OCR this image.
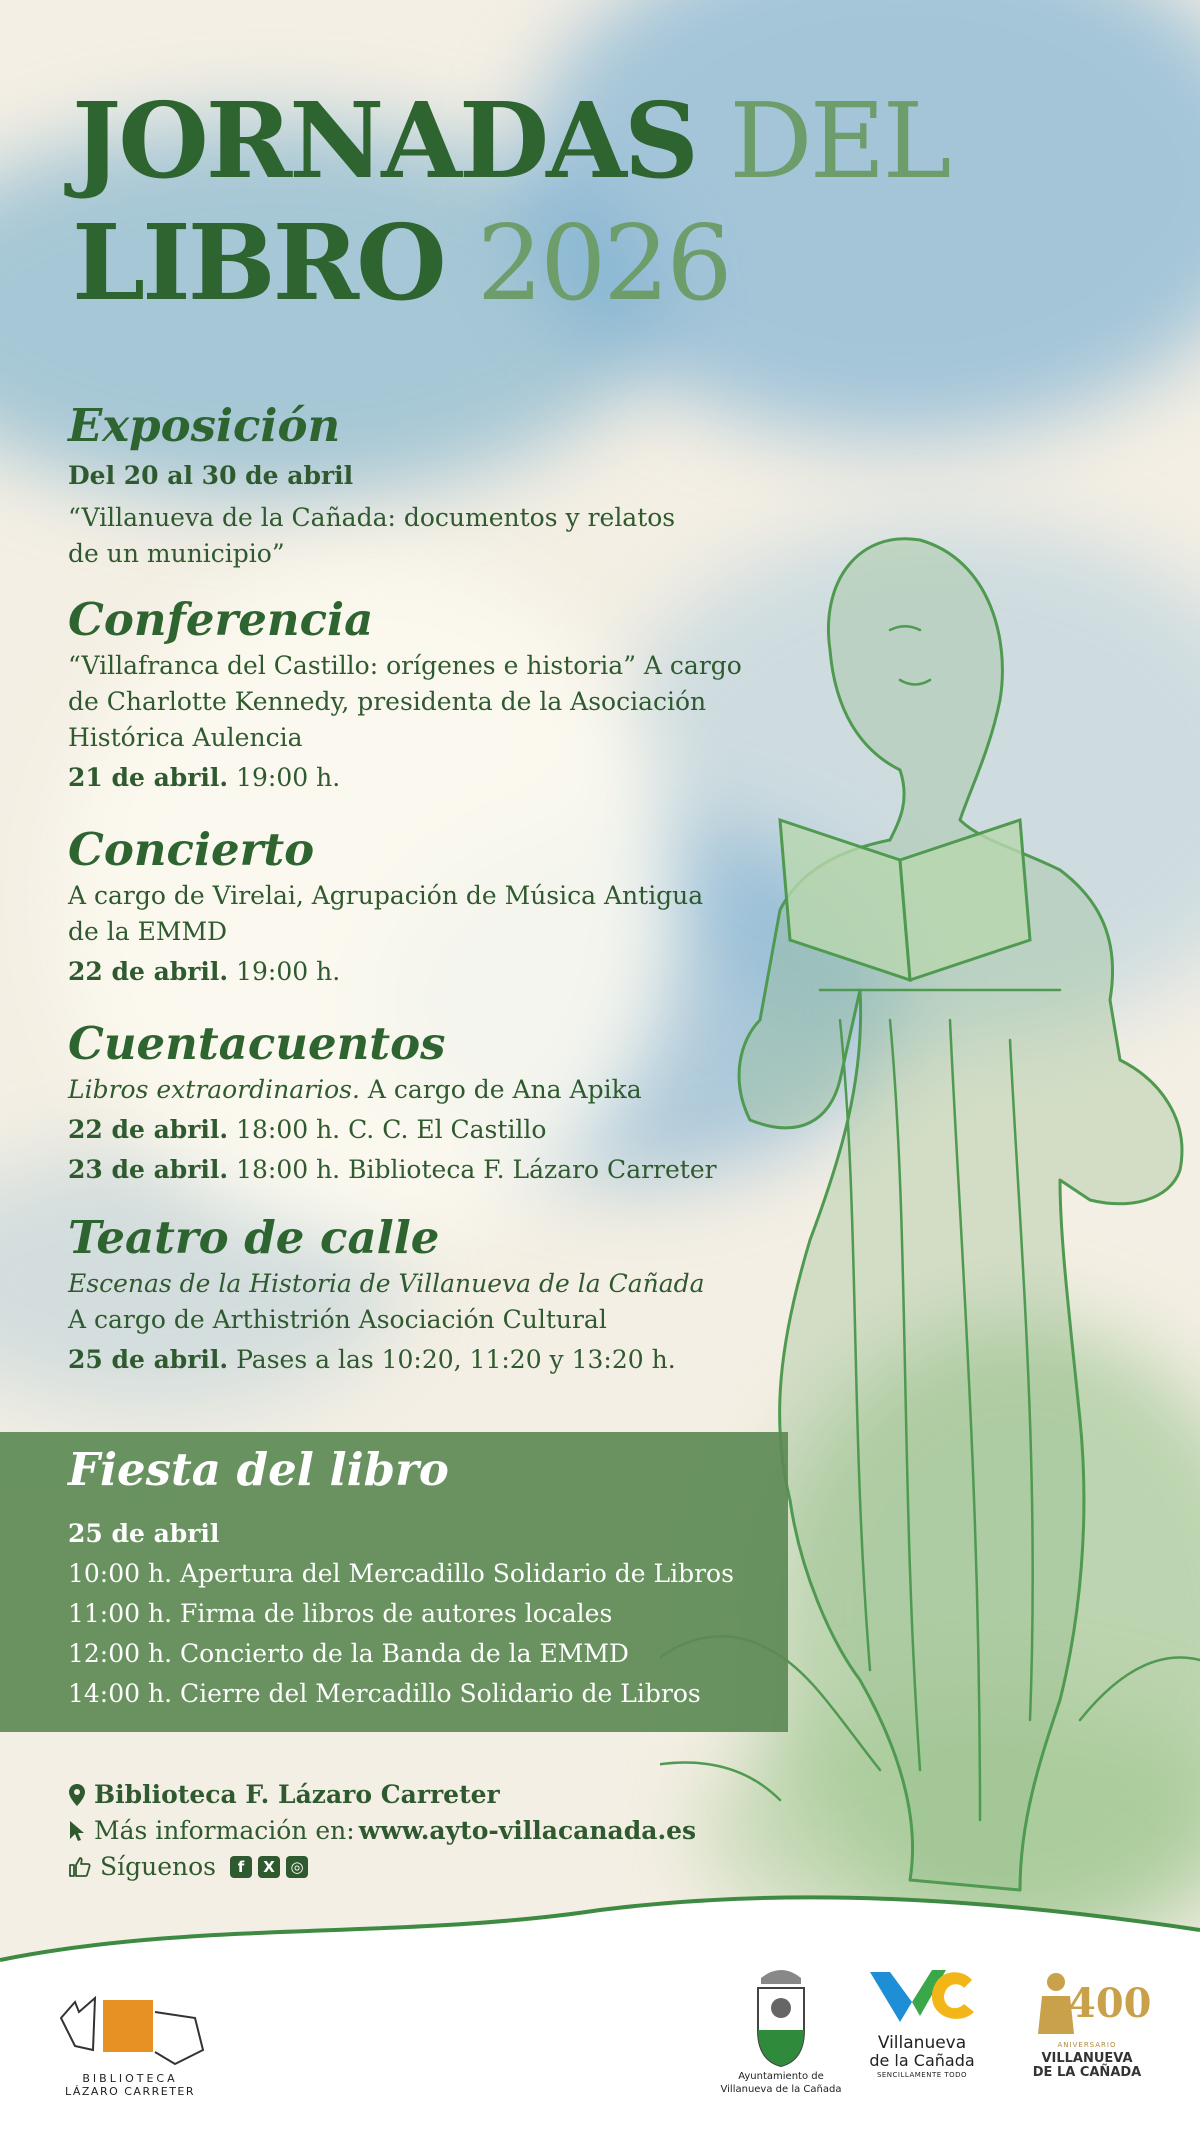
JORNADAS DEL
LIBRO 2026

Exposición

Del 20 al 30 de abril

“Villanueva de la Cañada: documentos y relatos

de un municipio”

Conferencia

“Villafranca del Castillo: orígenes e historia” A cargo

de Charlotte Kennedy, presidenta de la Asociación

Histórica Aulencia

21 de abril. 19:00 h.

Concierto

A cargo de Virelai, Agrupación de Música Antigua

de la EMMD

22 de abril. 19:00 h.

Cuentacuentos

Libros extraordinarios. A cargo de Ana Apika

22 de abril. 18:00 h. C. C. El Castillo

23 de abril. 18:00 h. Biblioteca F. Lázaro Carreter

Teatro de calle

Escenas de la Historia de Villanueva de la Cañada

A cargo de Arthistrión Asociación Cultural

25 de abril. Pases a las 10:20, 11:20 y 13:20 h.

Fiesta del libro

25 de abril

10:00 h. Apertura del Mercadillo Solidario de Libros

11:00 h. Firma de libros de autores locales

12:00 h. Concierto de la Banda de la EMMD

14:00 h. Cierre del Mercadillo Solidario de Libros

Biblioteca F. Lázaro Carreter

Más información en: www.ayto-villacanada.es

Síguenos	f	X	◎

BIBLIOTECA
LÁZARO CARRETER
Ayuntamiento de
Villanueva de la Cañada
Villanueva
de la Cañada
SENCILLAMENTE TODO
400
ANIVERSARIO
VILLANUEVA
DE LA CAÑADA
